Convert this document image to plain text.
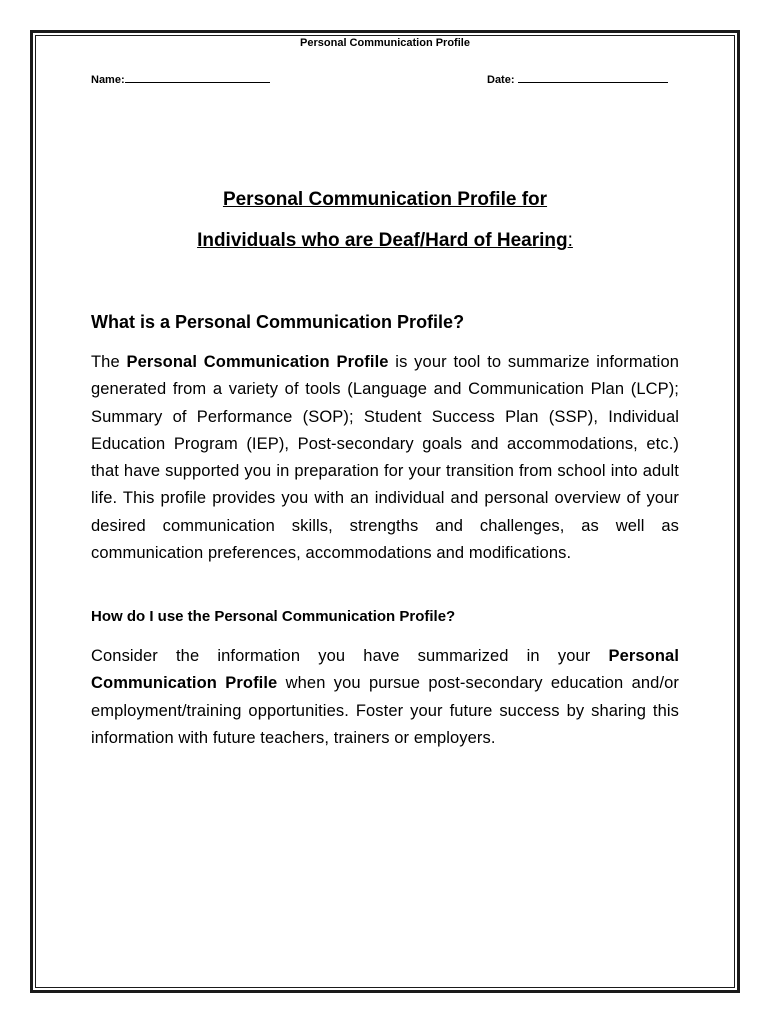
Personal Communication Profile
Name:	Date:
Personal Communication Profile for
Individuals who are Deaf/Hard of Hearing:
What is a Personal Communication Profile?
The Personal Communication Profile is your tool to summarize information generated from a variety of tools (Language and Communication Plan (LCP); Summary of Performance (SOP); Student Success Plan (SSP), Individual Education Program (IEP), Post-secondary goals and accommodations, etc.) that have supported you in preparation for your transition from school into adult life. This profile provides you with an individual and personal overview of your desired communication skills, strengths and challenges, as well as communication preferences, accommodations and modifications.
How do I use the Personal Communication Profile?
Consider the information you have summarized in your Personal Communication Profile when you pursue post-secondary education and/or employment/training opportunities. Foster your future success by sharing this information with future teachers, trainers or employers.
